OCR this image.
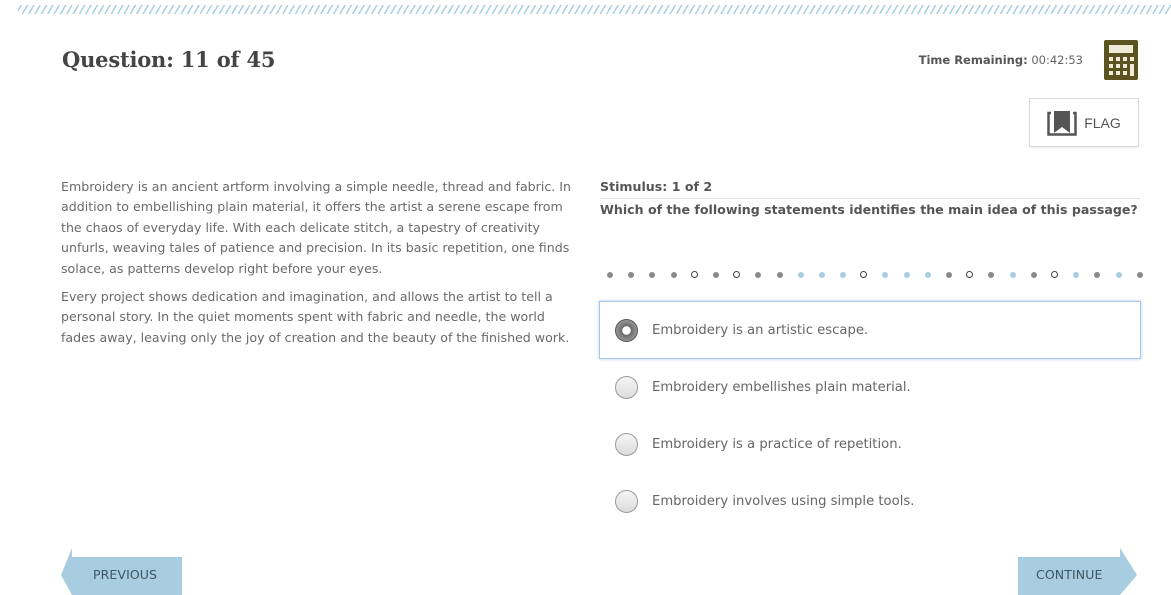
Question: 11 of 45	Time Remaining: 00:42:53
FLAG

Embroidery is an ancient artform involving a simple needle, thread and fabric. In addition to embellishing plain material, it offers the artist a serene escape from the chaos of everyday life. With each delicate stitch, a tapestry of creativity unfurls, weaving tales of patience and precision. In its basic repetition, one finds solace, as patterns develop right before your eyes.

Every project shows dedication and imagination, and allows the artist to tell a personal story. In the quiet moments spent with fabric and needle, the world fades away, leaving only the joy of creation and the beauty of the finished work.

Stimulus: 1 of 2
Which of the following statements identifies the main idea of this passage?
Embroidery is an artistic escape.
Embroidery embellishes plain material.
Embroidery is a practice of repetition.
Embroidery involves using simple tools.
PREVIOUS	CONTINUE
